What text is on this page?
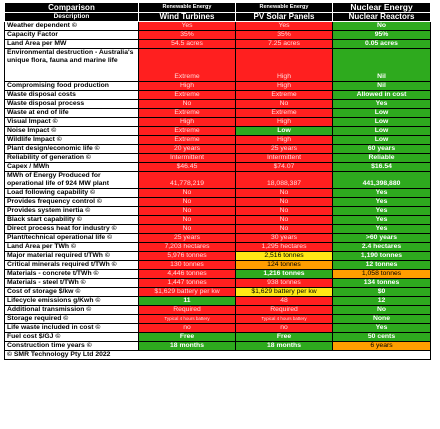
Comparison	Renewable Energy	Renewable Energy	Nuclear Energy
Description	Wind Turbines	PV Solar Panels	Nuclear Reactors
Weather dependent ©	Yes	Yes	No
Capacity Factor	35%	35%	95%
Land Area per MW	54.5 acres	7.25 acres	0.05 acres
Environmental destruction - Australia's unique flora, fauna and marine life	Extreme	High	Nil
Compromising food production	High	High	Nil
Waste disposal costs	Extreme	Extreme	Allowed in cost
Waste disposal process	No	No	Yes
Waste at end of life	Extreme	Extreme	Low
Visual Impact ©	High	High	Low
Noise Impact ©	Extreme	Low	Low
Wildlife Impact ©	Extreme	High	Low
Plant design/economic life ©	20 years	25 years	60 years
Reliability of generation ©	Intermittent	Intermittent	Reliable
Capex / MWh	$46.45	$74.07	$16.54
MWh of Energy Produced for operational life of 924 MW plant	41,778,219	18,088,387	441,398,880
Load following capability ©	No	No	Yes
Provides frequency control ©	No	No	Yes
Provides system inertia ©	No	No	Yes
Black start capability ©	No	No	Yes
Direct process heat for industry ©	No	No	Yes
Plant/technical operational life ©	25 years	30 years	>60 years
Land Area per TWh ©	7,203 hectares	1,295 hectares	2.4 hectares
Major material required t/TWh ©	5,976 tonnes	2,516 tonnes	1,190 tonnes
Critical minerals required t/TWh ©	130 tonnes	124 tonnes	12 tonnes
Materials - concrete t/TWh ©	4,446 tonnes	1,216 tonnes	1,058 tonnes
Materials - steel t/TWh ©	1,447 tonnes	938 tonnes	134 tonnes
Cost of storage $/kw ©	$1,629 battery per kw	$1,629 battery per kw	$0
Lifecycle emissions g/Kwh ©	11	48	12
Additional transmission ©	Required	Required	No
Storage required ©	Typical 4 hours battery	Typical 4 hours battery	None
Life waste included in cost ©	no	no	Yes
Fuel cost $/GJ ©	Free	Free	50 cents
Construction time years ©	18 months	18 months	6 years
© SMR Technology Pty Ltd 2022			
